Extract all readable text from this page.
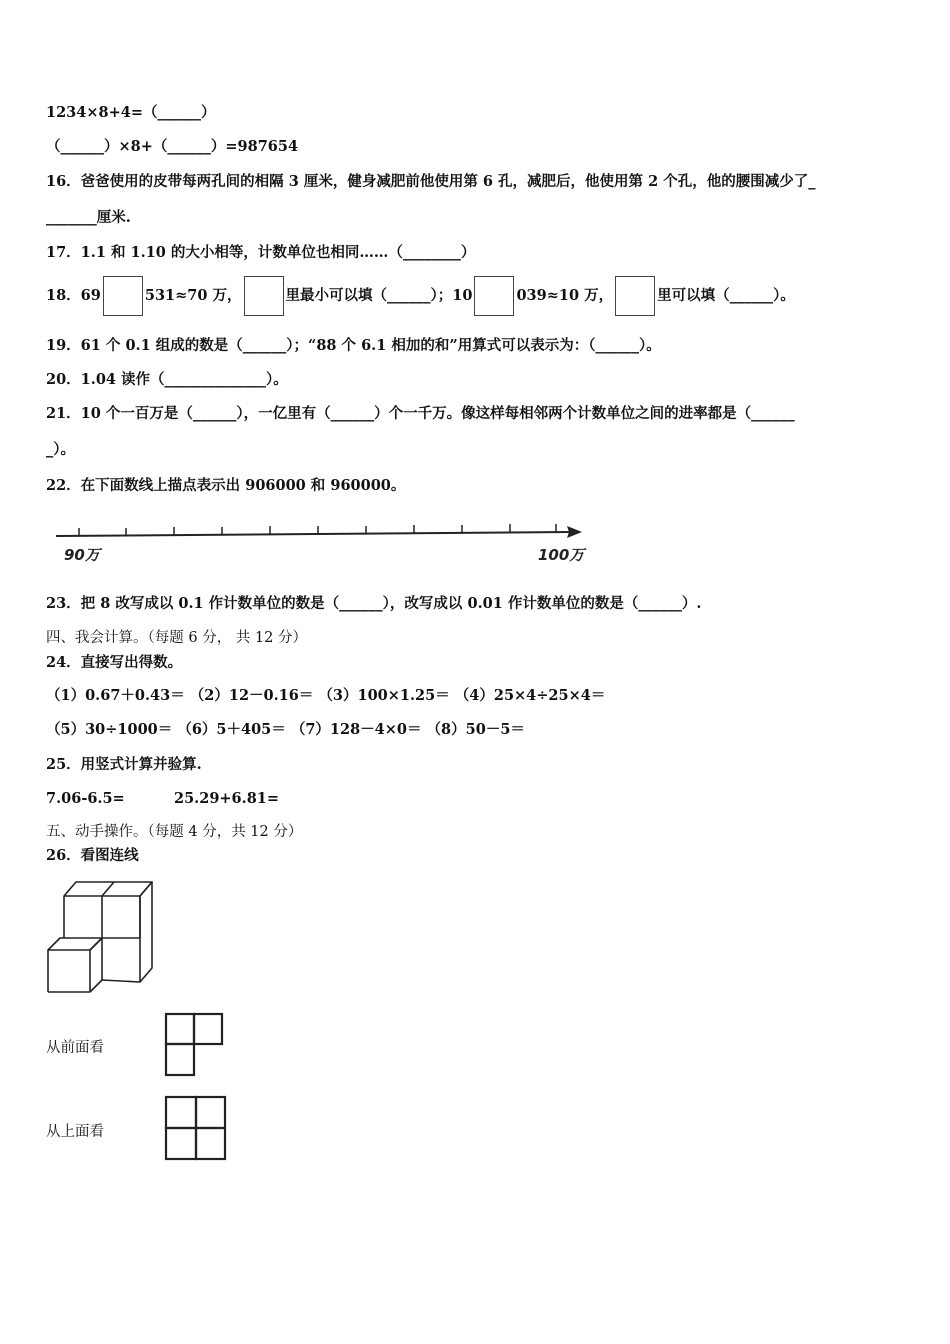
1234×8+4=（______）
（______）×8+（______）=987654
16．爸爸使用的皮带每两孔间的相隔 3 厘米，健身减肥前他使用第 6 孔，减肥后，他使用第 2 个孔，他的腰围减少了_
_______厘米.
17．1.1 和 1.10 的大小相等，计数单位也相同……（________）
18．69	531≈70 万，	里最小可以填（______）；10	039≈10 万，	里可以填（______）。
19．61 个 0.1 组成的数是（______）；“88 个 6.1 相加的和”用算式可以表示为：（______）。
20．1.04 读作（______________）。
21．10 个一百万是（______），一亿里有（______）个一千万。像这样每相邻两个计数单位之间的进率都是（______
_）。
22．在下面数线上描点表示出 906000 和 960000。
90万	100万
23．把 8 改写成以 0.1 作计数单位的数是（______），改写成以 0.01 作计数单位的数是（______）.
四、我会计算。（每题 6 分， 共 12 分）
24．直接写出得数。
（1）0.67＋0.43＝ （2）12－0.16＝ （3）100×1.25＝ （4）25×4÷25×4＝
（5）30÷1000＝ （6）5＋405＝ （7）128－4×0＝ （8）50－5＝
25．用竖式计算并验算.
7.06-6.5=	25.29+6.81=
五、动手操作。（每题 4 分，共 12 分）
26．看图连线
从前面看
从上面看
